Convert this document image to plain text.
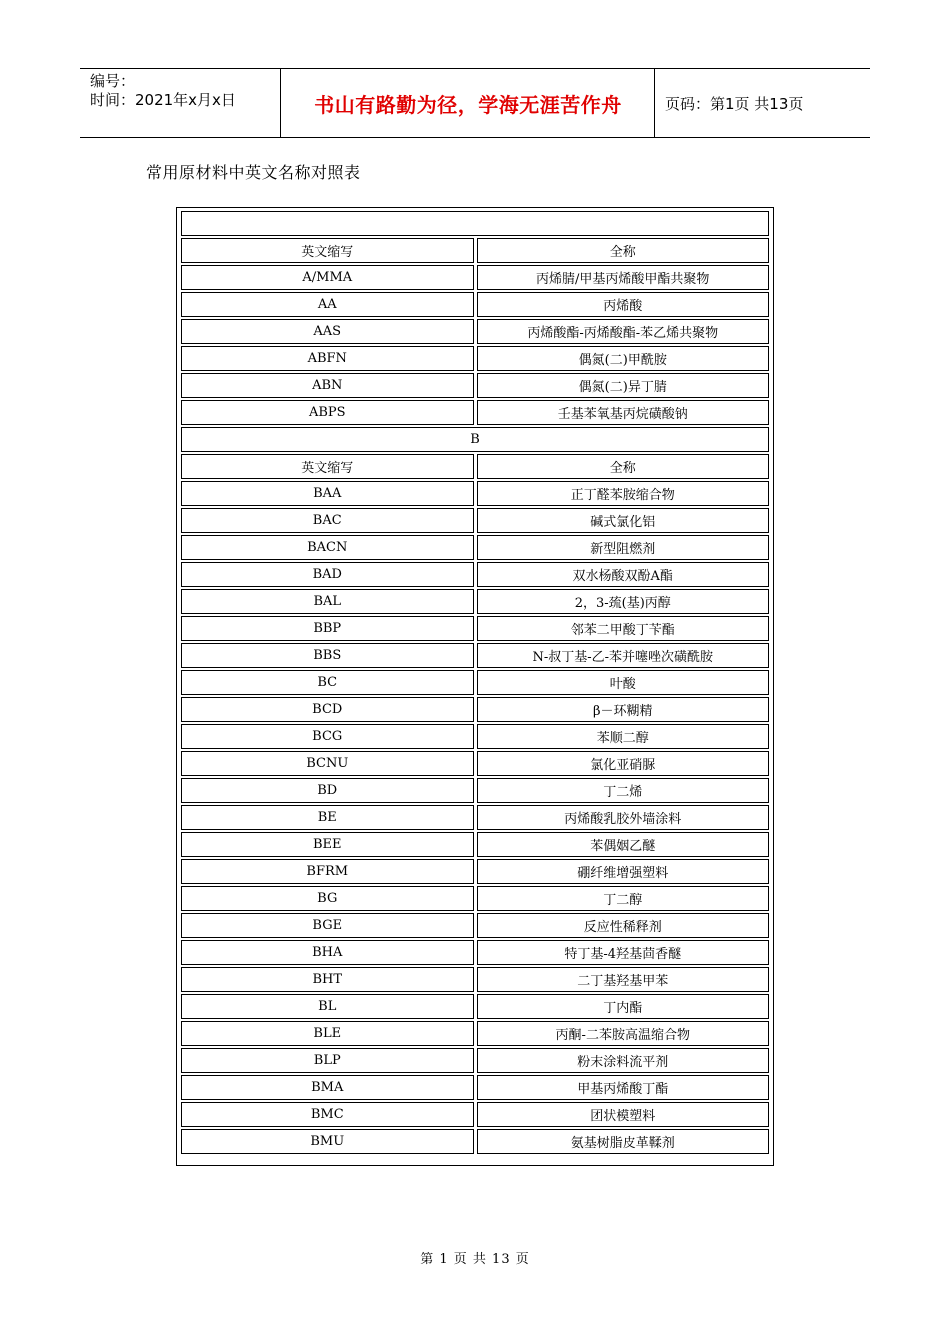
编号：
时间：2021年x月x日	书山有路勤为径，学海无涯苦作舟	页码：第1页 共13页
常用原材料中英文名称对照表

英文缩写	全称
A/MMA	丙烯腈/甲基丙烯酸甲酯共聚物
AA	丙烯酸
AAS	丙烯酸酯-丙烯酸酯-苯乙烯共聚物
ABFN	偶氮(二)甲酰胺
ABN	偶氮(二)异丁腈
ABPS	壬基苯氧基丙烷磺酸钠
B	
英文缩写	全称
BAA	正丁醛苯胺缩合物
BAC	碱式氯化铝
BACN	新型阻燃剂
BAD	双水杨酸双酚A酯
BAL	2，3-巯(基)丙醇
BBP	邻苯二甲酸丁苄酯
BBS	N-叔丁基-乙-苯并噻唑次磺酰胺
BC	叶酸
BCD	β－环糊精
BCG	苯顺二醇
BCNU	氯化亚硝脲
BD	丁二烯
BE	丙烯酸乳胶外墙涂料
BEE	苯偶姻乙醚
BFRM	硼纤维增强塑料
BG	丁二醇
BGE	反应性稀释剂
BHA	特丁基-4羟基茴香醚
BHT	二丁基羟基甲苯
BL	丁内酯
BLE	丙酮-二苯胺高温缩合物
BLP	粉末涂料流平剂
BMA	甲基丙烯酸丁酯
BMC	团状模塑料
BMU	氨基树脂皮革鞣剂
第 1 页 共 13 页
